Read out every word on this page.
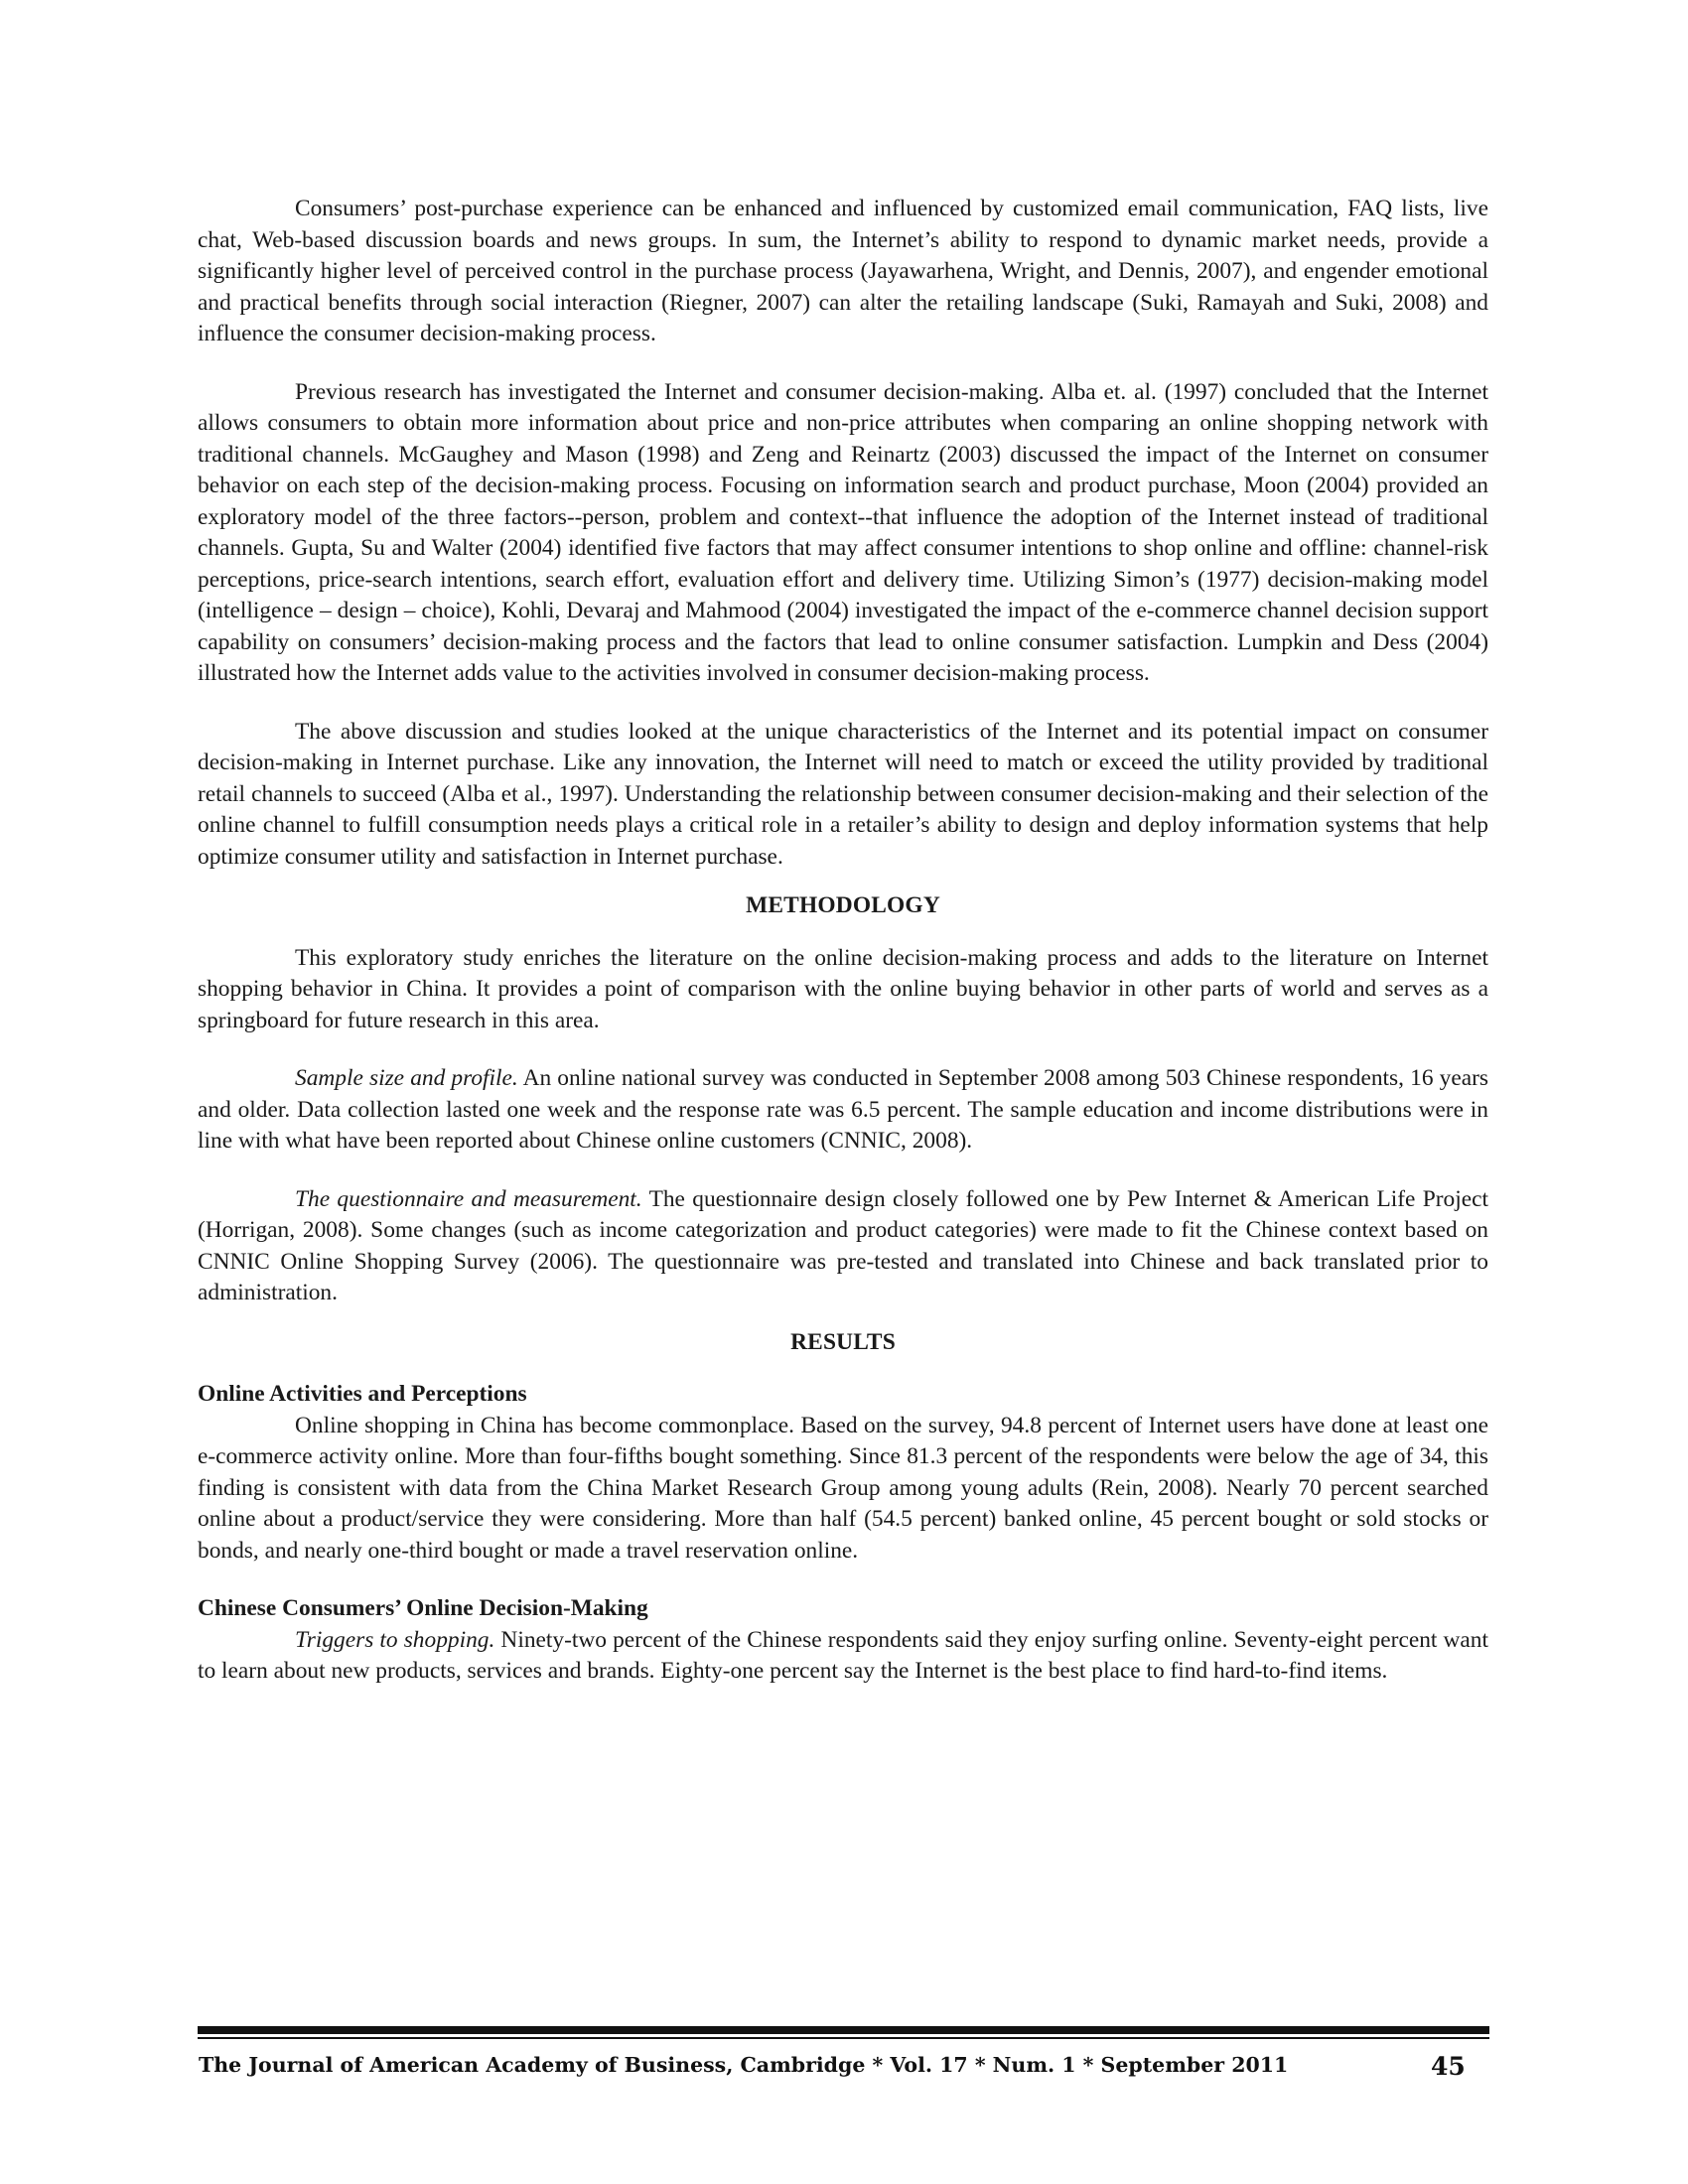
Consumers’ post-purchase experience can be enhanced and influenced by customized email communication, FAQ lists, live chat, Web-based discussion boards and news groups. In sum, the Internet’s ability to respond to dynamic market needs, provide a significantly higher level of perceived control in the purchase process (Jayawarhena, Wright, and Dennis, 2007), and engender emotional and practical benefits through social interaction (Riegner, 2007) can alter the retailing landscape (Suki, Ramayah and Suki, 2008) and influence the consumer decision-making process.

Previous research has investigated the Internet and consumer decision-making. Alba et. al. (1997) concluded that the Internet allows consumers to obtain more information about price and non-price attributes when comparing an online shopping network with traditional channels. McGaughey and Mason (1998) and Zeng and Reinartz (2003) discussed the impact of the Internet on consumer behavior on each step of the decision-making process. Focusing on information search and product purchase, Moon (2004) provided an exploratory model of the three factors--person, problem and context--that influence the adoption of the Internet instead of traditional channels. Gupta, Su and Walter (2004) identified five factors that may affect consumer intentions to shop online and offline: channel-risk perceptions, price-search intentions, search effort, evaluation effort and delivery time. Utilizing Simon’s (1977) decision-making model (intelligence – design – choice), Kohli, Devaraj and Mahmood (2004) investigated the impact of the e-commerce channel decision support capability on consumers’ decision-making process and the factors that lead to online consumer satisfaction. Lumpkin and Dess (2004) illustrated how the Internet adds value to the activities involved in consumer decision-making process.

The above discussion and studies looked at the unique characteristics of the Internet and its potential impact on consumer decision-making in Internet purchase. Like any innovation, the Internet will need to match or exceed the utility provided by traditional retail channels to succeed (Alba et al., 1997). Understanding the relationship between consumer decision-making and their selection of the online channel to fulfill consumption needs plays a critical role in a retailer’s ability to design and deploy information systems that help optimize consumer utility and satisfaction in Internet purchase.

METHODOLOGY

This exploratory study enriches the literature on the online decision-making process and adds to the literature on Internet shopping behavior in China. It provides a point of comparison with the online buying behavior in other parts of world and serves as a springboard for future research in this area.

Sample size and profile. An online national survey was conducted in September 2008 among 503 Chinese respondents, 16 years and older. Data collection lasted one week and the response rate was 6.5 percent. The sample education and income distributions were in line with what have been reported about Chinese online customers (CNNIC, 2008).

The questionnaire and measurement. The questionnaire design closely followed one by Pew Internet & American Life Project (Horrigan, 2008). Some changes (such as income categorization and product categories) were made to fit the Chinese context based on CNNIC Online Shopping Survey (2006). The questionnaire was pre-tested and translated into Chinese and back translated prior to administration.

RESULTS
Online Activities and Perceptions

Online shopping in China has become commonplace. Based on the survey, 94.8 percent of Internet users have done at least one e-commerce activity online. More than four-fifths bought something. Since 81.3 percent of the respondents were below the age of 34, this finding is consistent with data from the China Market Research Group among young adults (Rein, 2008). Nearly 70 percent searched online about a product/service they were considering. More than half (54.5 percent) banked online, 45 percent bought or sold stocks or bonds, and nearly one-third bought or made a travel reservation online.

Chinese Consumers’ Online Decision-Making

Triggers to shopping. Ninety-two percent of the Chinese respondents said they enjoy surfing online. Seventy-eight percent want to learn about new products, services and brands. Eighty-one percent say the Internet is the best place to find hard-to-find items.

The Journal of American Academy of Business, Cambridge * Vol. 17 * Num. 1 * September 2011	45
